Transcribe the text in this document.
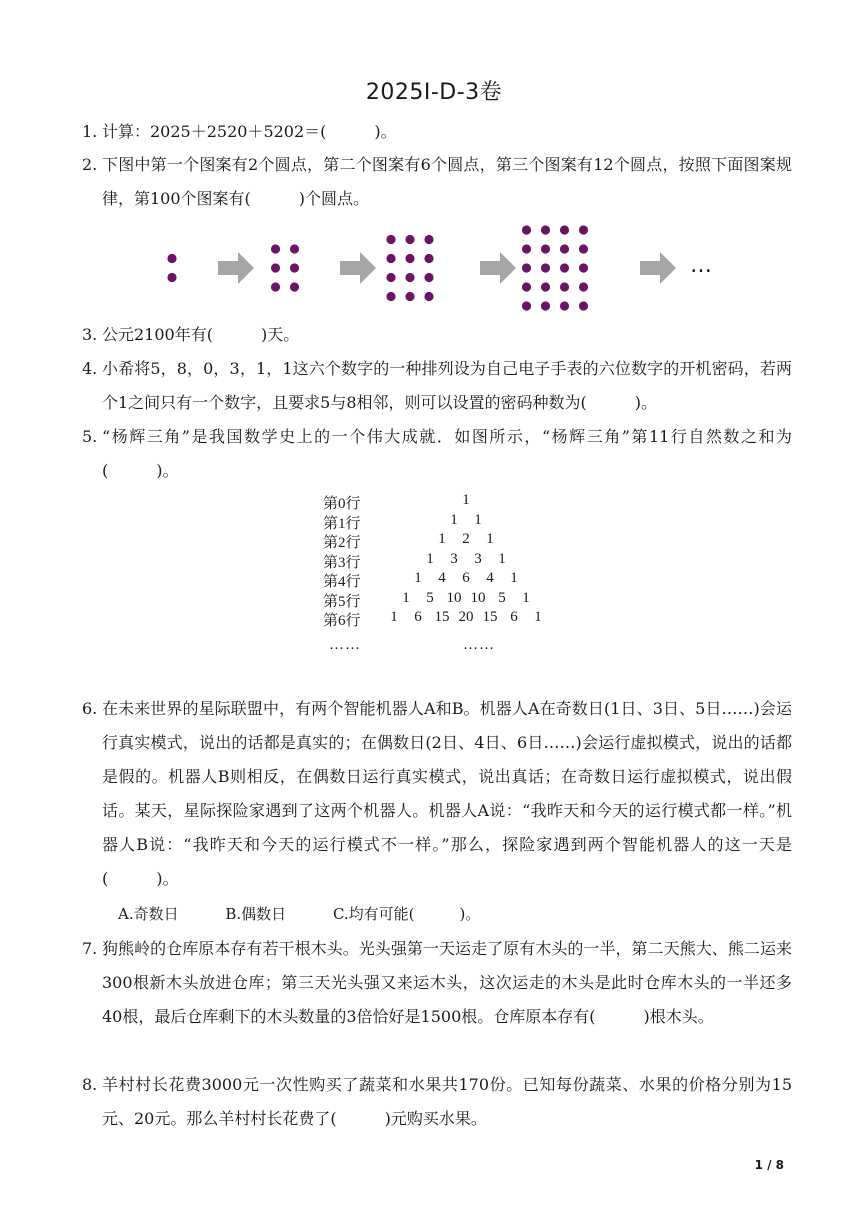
2025I-D-3卷
1. 计算：2025＋2520＋5202＝(　　　)。
2. 下图中第一个图案有2个圆点，第二个图案有6个圆点，第三个图案有12个圆点，按照下面图案规律，第100个图案有(　　　)个圆点。
…
3. 公元2100年有(　　　)天。
4. 小希将5，8，0，3，1，1这六个数字的一种排列设为自己电子手表的六位数字的开机密码，若两个1之间只有一个数字，且要求5与8相邻，则可以设置的密码种数为(　　　)。
5. “杨辉三角”是我国数学史上的一个伟大成就．如图所示，“杨辉三角”第11行自然数之和为(　　　)。
第0行	1
第1行	1 1
第2行	1 2 1
第3行	1 3 3 1
第4行	1 4 6 4 1
第5行	1 5 10 10 5 1
第6行 1 6 15 20 15 6 1
……	……
6. 在未来世界的星际联盟中，有两个智能机器人A和B。机器人A在奇数日(1日、3日、5日……)会运行真实模式，说出的话都是真实的；在偶数日(2日、4日、6日……)会运行虚拟模式，说出的话都是假的。机器人B则相反，在偶数日运行真实模式，说出真话；在奇数日运行虚拟模式，说出假话。某天，星际探险家遇到了这两个机器人。机器人A说：“我昨天和今天的运行模式都一样。”机器人B说：“我昨天和今天的运行模式不一样。”那么，探险家遇到两个智能机器人的这一天是(　　　)。
A.奇数日	B.偶数日	C.均有可能(　　　)。
7. 狗熊岭的仓库原本存有若干根木头。光头强第一天运走了原有木头的一半，第二天熊大、熊二运来300根新木头放进仓库；第三天光头强又来运木头，这次运走的木头是此时仓库木头的一半还多40根，最后仓库剩下的木头数量的3倍恰好是1500根。仓库原本存有(　　　)根木头。
8. 羊村村长花费3000元一次性购买了蔬菜和水果共170份。已知每份蔬菜、水果的价格分别为15元、20元。那么羊村村长花费了(　　　)元购买水果。
1 / 8
